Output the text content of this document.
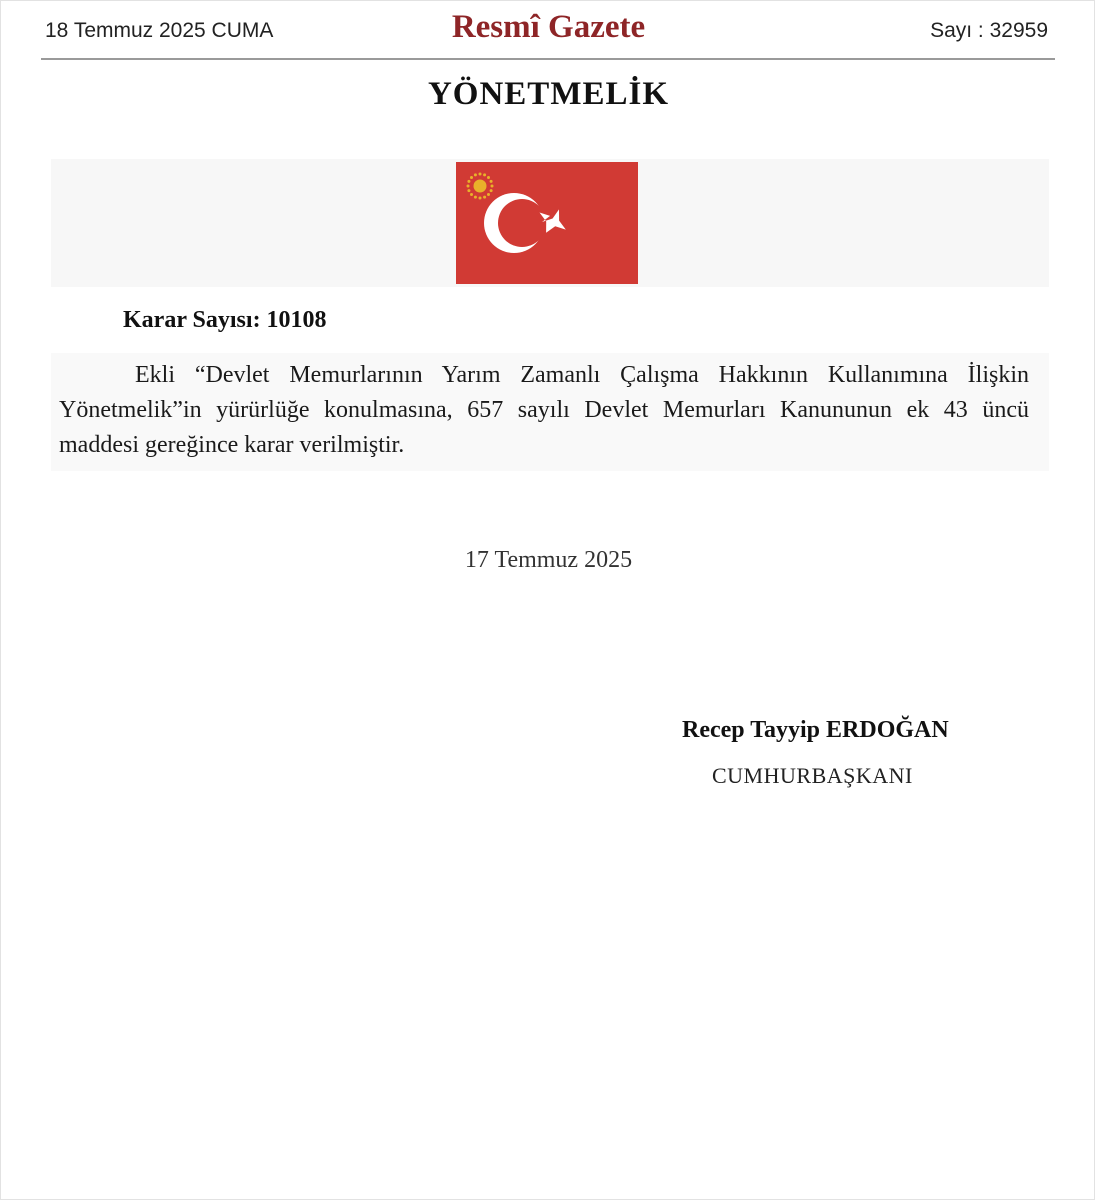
18 Temmuz 2025 CUMA	Resmî Gazete	Sayı : 32959
YÖNETMELİK
Karar Sayısı: 10108
Ekli “Devlet Memurlarının Yarım Zamanlı Çalışma Hakkının Kullanımına İlişkin Yönetmelik”in yürürlüğe konulmasına, 657 sayılı Devlet Memurları Kanununun ek 43 üncü maddesi gereğince karar verilmiştir.
17 Temmuz 2025
Recep Tayyip ERDOĞAN
CUMHURBAŞKANI
